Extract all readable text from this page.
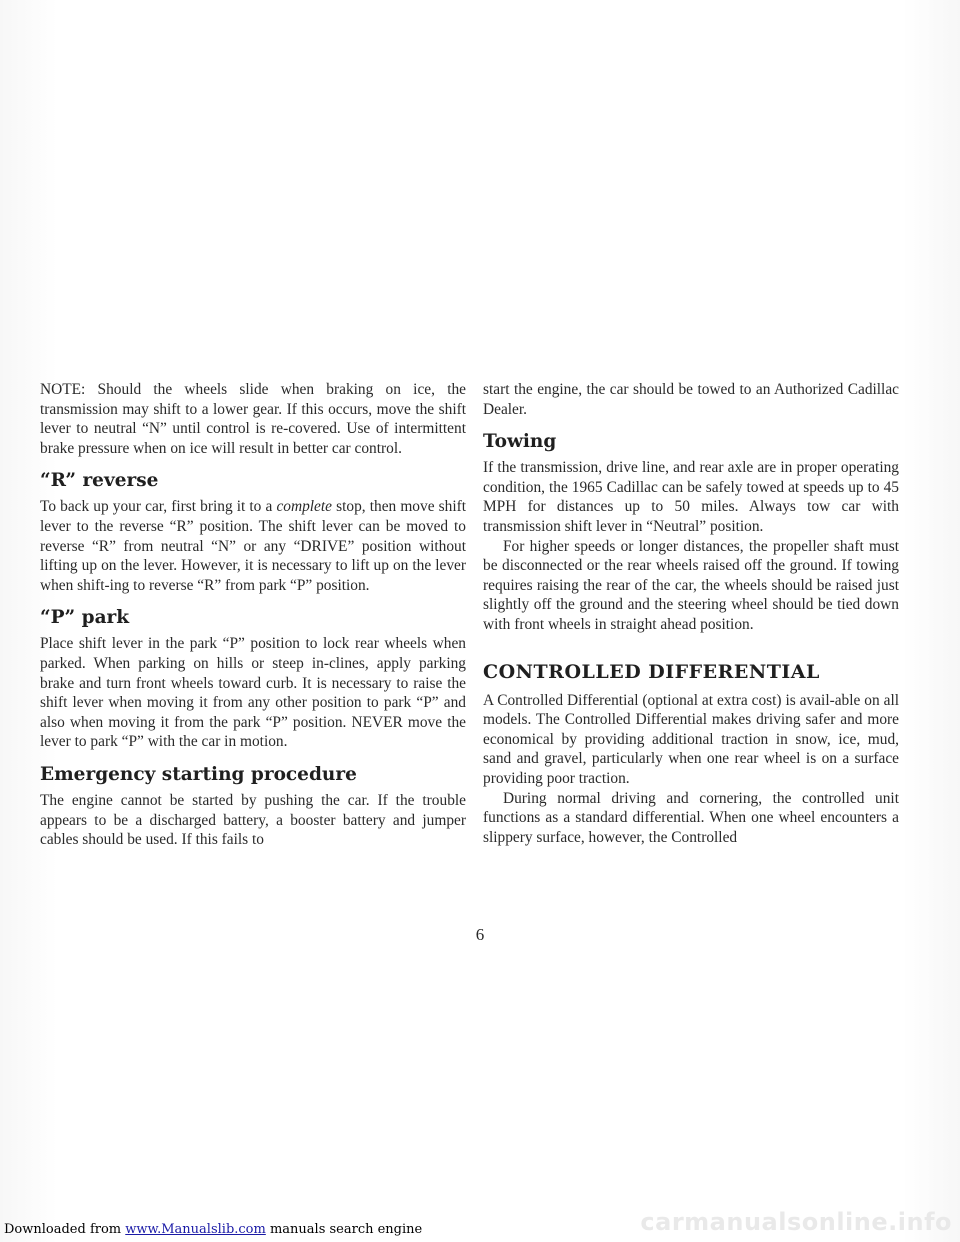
NOTE: Should the wheels slide when braking on ice, the transmission may shift to a lower gear. If this occurs, move the shift lever to neutral “N” until control is re-covered. Use of intermittent brake pressure when on ice will result in better car control.

“R” reverse

To back up your car, first bring it to a complete stop, then move shift lever to the reverse “R” position. The shift lever can be moved to reverse “R” from neutral “N” or any “DRIVE” position without lifting up on the lever. However, it is necessary to lift up on the lever when shift-ing to reverse “R” from park “P” position.

“P” park

Place shift lever in the park “P” position to lock rear wheels when parked. When parking on hills or steep in-clines, apply parking brake and turn front wheels toward curb. It is necessary to raise the shift lever when moving it from any other position to park “P” and also when moving it from the park “P” position. NEVER move the lever to park “P” with the car in motion.

Emergency starting procedure

The engine cannot be started by pushing the car. If the trouble appears to be a discharged battery, a booster battery and jumper cables should be used. If this fails to

start the engine, the car should be towed to an Authorized Cadillac Dealer.

Towing

If the transmission, drive line, and rear axle are in proper operating condition, the 1965 Cadillac can be safely towed at speeds up to 45 MPH for distances up to 50 miles. Always tow car with transmission shift lever in “Neutral” position.

For higher speeds or longer distances, the propeller shaft must be disconnected or the rear wheels raised off the ground. If towing requires raising the rear of the car, the wheels should be raised just slightly off the ground and the steering wheel should be tied down with front wheels in straight ahead position.

CONTROLLED DIFFERENTIAL

A Controlled Differential (optional at extra cost) is avail-able on all models. The Controlled Differential makes driving safer and more economical by providing additional traction in snow, ice, mud, sand and gravel, particularly when one rear wheel is on a surface providing poor traction.

During normal driving and cornering, the controlled unit functions as a standard differential. When one wheel encounters a slippery surface, however, the Controlled

6
Downloaded from www.Manualslib.com manuals search engine	carmanualsonline.info
